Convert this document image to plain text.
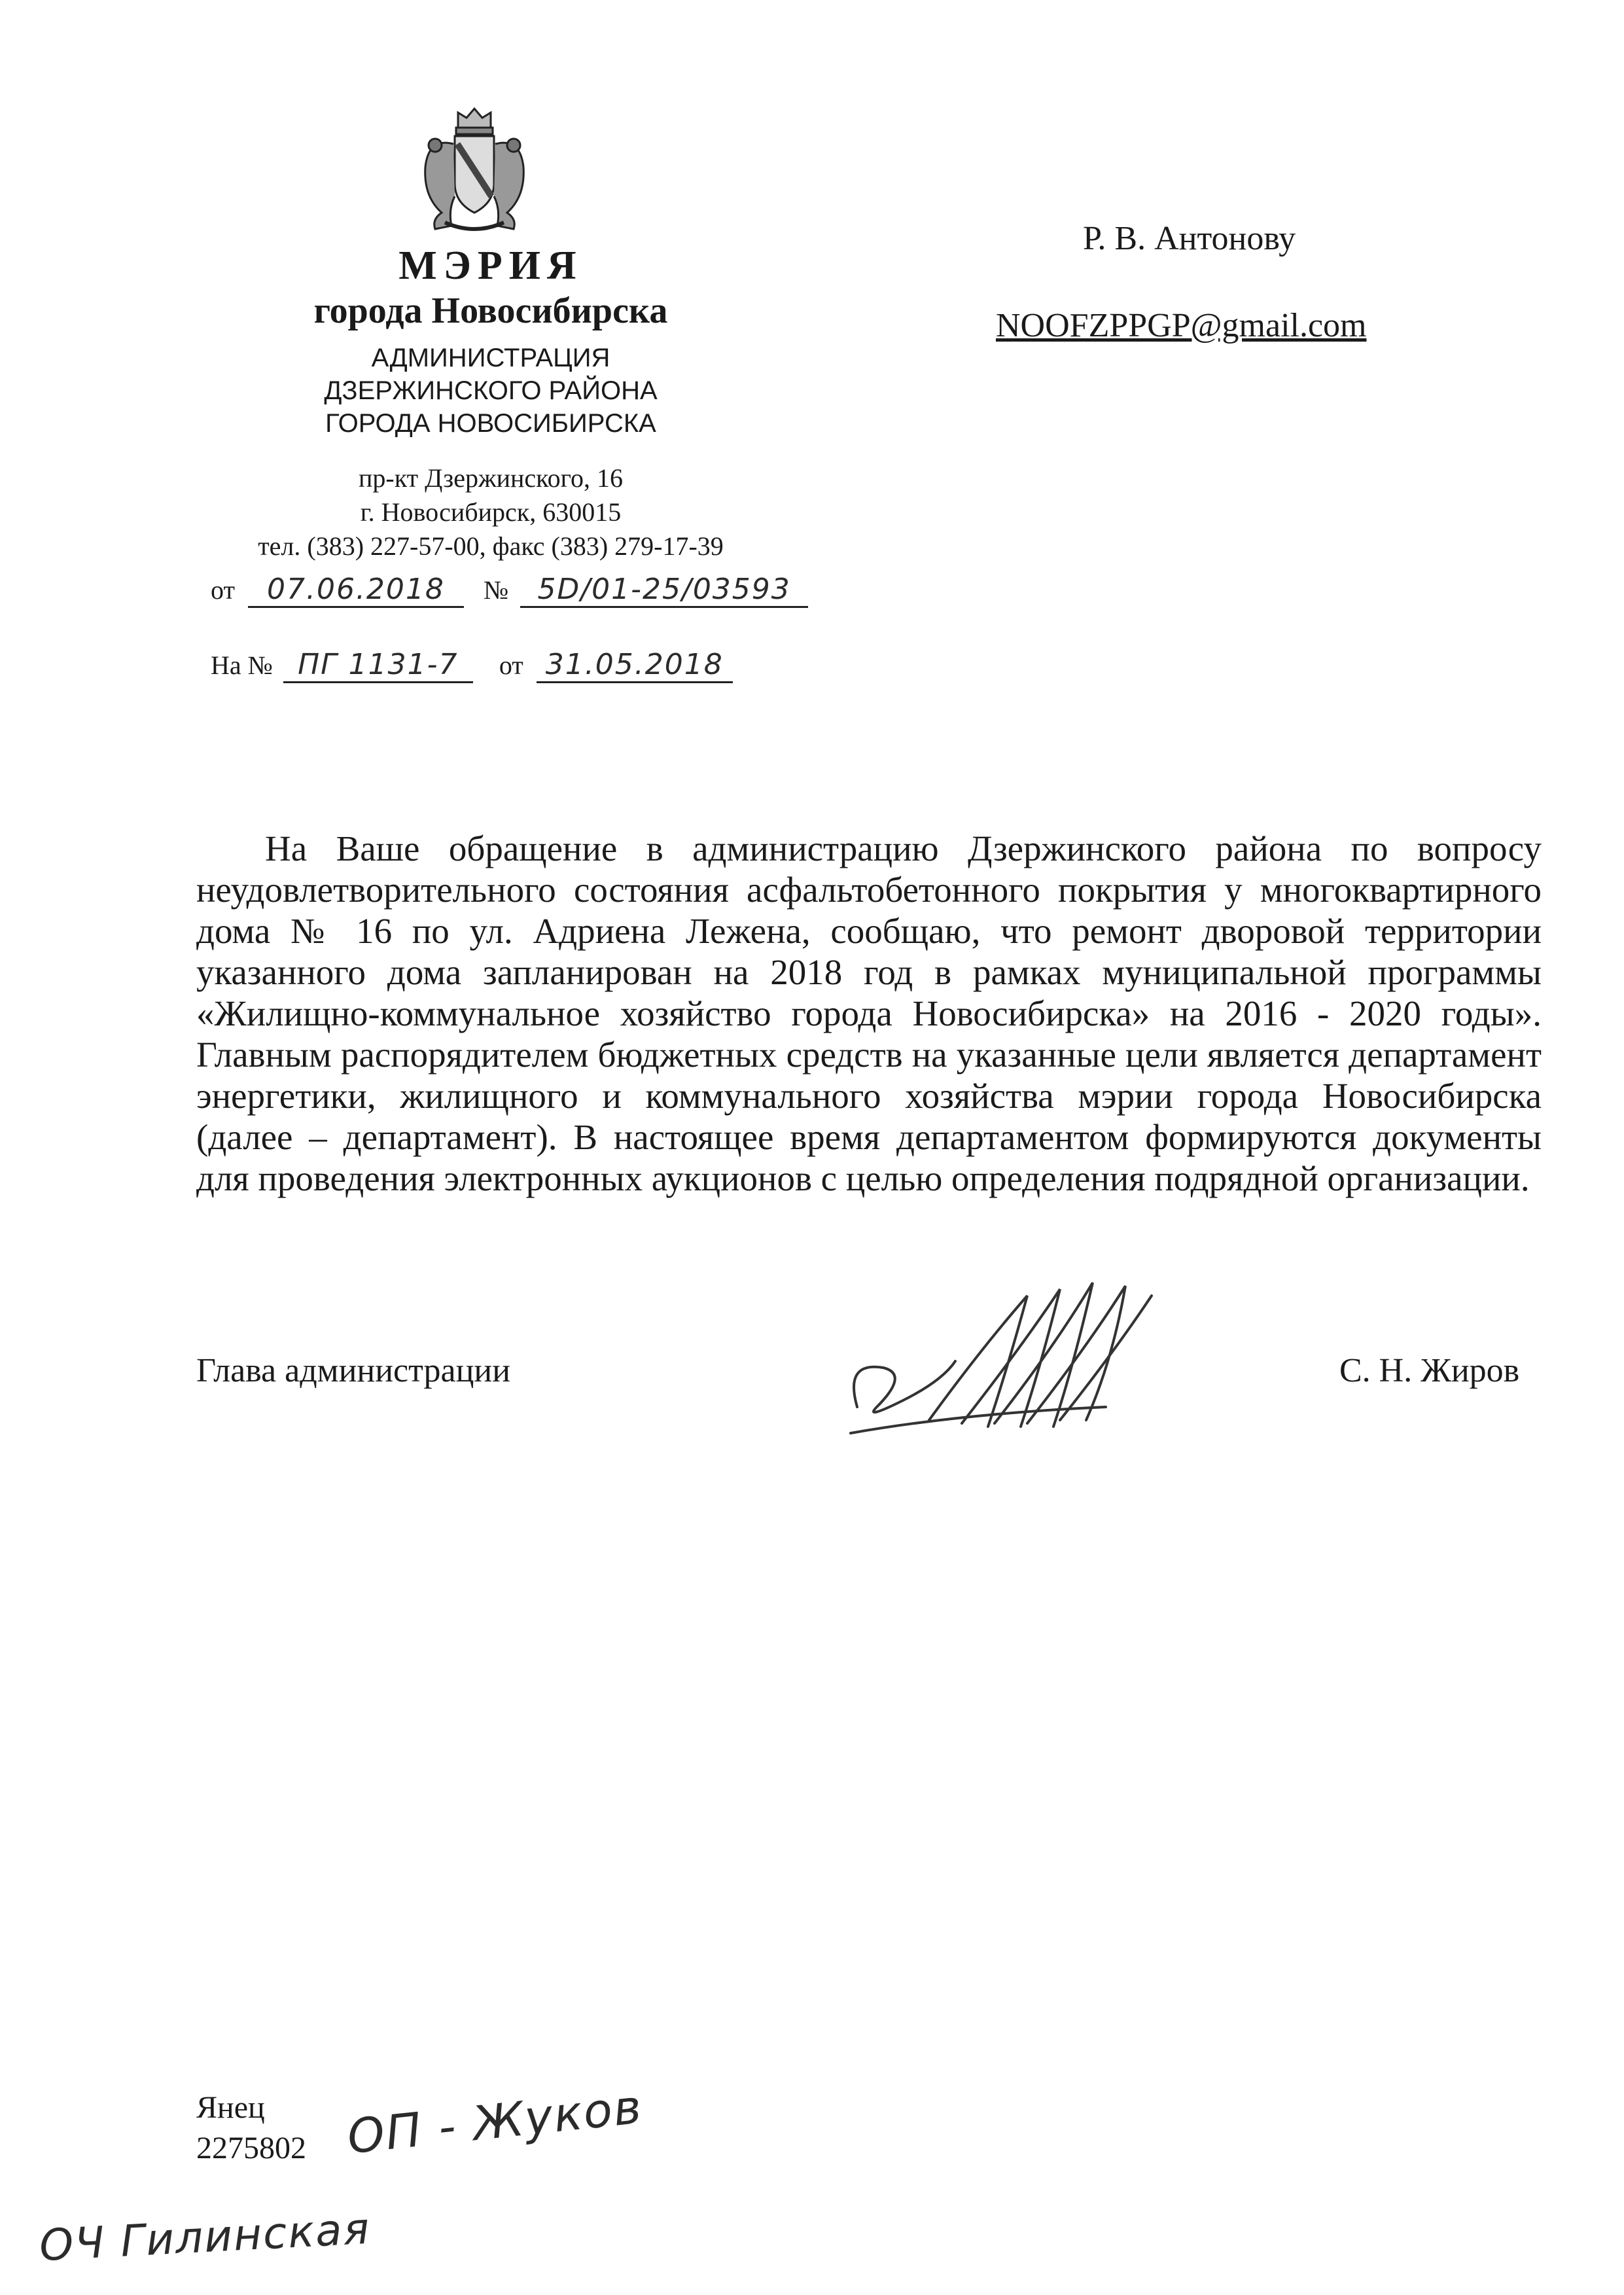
МЭРИЯ
города Новосибирска
АДМИНИСТРАЦИЯ
ДЗЕРЖИНСКОГО РАЙОНА
ГОРОДА НОВОСИБИРСКА
пр-кт Дзержинского, 16
г. Новосибирск, 630015
тел. (383) 227-57-00, факс (383) 279-17-39
от 07.06.2018 № 5D/01-25/03593
На № ПГ 1131-7 от 31.05.2018
Р. В. Антонову
NOOFZPPGP@gmail.com

На Ваше обращение в администрацию Дзержинского района по вопросу неудовлетворительного состояния асфальтобетонного покрытия у многоквартирного дома № 16 по ул. Адриена Лежена, сообщаю, что ремонт дворовой территории указанного дома запланирован на 2018 год в рамках муниципальной программы «Жилищно-коммунальное хозяйство города Новосибирска» на 2016 - 2020 годы». Главным распорядителем бюджетных средств на указанные цели является департамент энергетики, жилищного и коммунального хозяйства мэрии города Новосибирска (далее – департамент). В настоящее время департаментом формируются документы для проведения электронных аукционов с целью определения подрядной организации.

Глава администрации	С. Н. Жиров
Янец
2275802 ОП - Жуков
ОЧ Гилинская
